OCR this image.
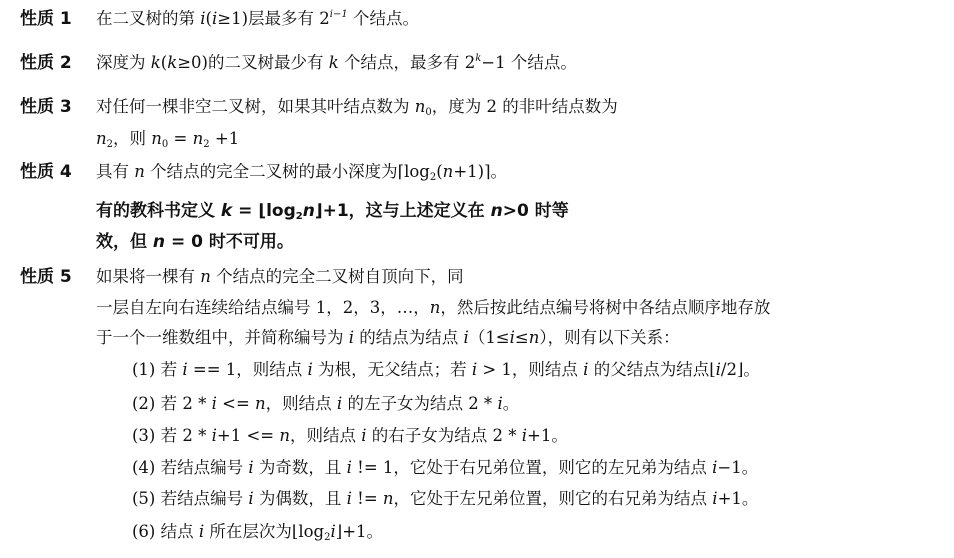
性质 1
性质 2
性质 3
性质 4
性质 5
在二叉树的第 i(i≥1)层最多有 $2^{i-1}$ 个结点。
深度为 k(k≥0)的二叉树最少有 k 个结点，最多有 $2^k-1$ 个结点。
对任何一棵非空二叉树，如果其叶结点数为 $n_0$，度为 2 的非叶结点数为
$n_2$，则 $n_0 = n_2 +1$
具有 n 个结点的完全二叉树的最小深度为$⌈\log_2(n+1)⌉$。
有的教科书定义 $k = ⌊\log_2n⌋+1$，这与上述定义在 n>0 时等
效，但 n = 0 时不可用。
如果将一棵有 n 个结点的完全二叉树自顶向下，同
一层自左向右连续给结点编号 1，2，3，…，n，然后按此结点编号将树中各结点顺序地存放
于一个一维数组中，并简称编号为 i 的结点为结点 i（1≤i≤n），则有以下关系：
(1) 若 i == 1，则结点 i 为根，无父结点；若 i > 1，则结点 i 的父结点为结点⌊i/2⌋。
(2) 若 2 * i <= n，则结点 i 的左子女为结点 2 * i。
(3) 若 2 * i+1 <= n，则结点 i 的右子女为结点 2 * i+1。
(4) 若结点编号 i 为奇数，且 i != 1，它处于右兄弟位置，则它的左兄弟为结点 i−1。
(5) 若结点编号 i 为偶数，且 i != n，它处于左兄弟位置，则它的右兄弟为结点 i+1。
(6) 结点 i 所在层次为$⌊\log_2i⌋+1$。
